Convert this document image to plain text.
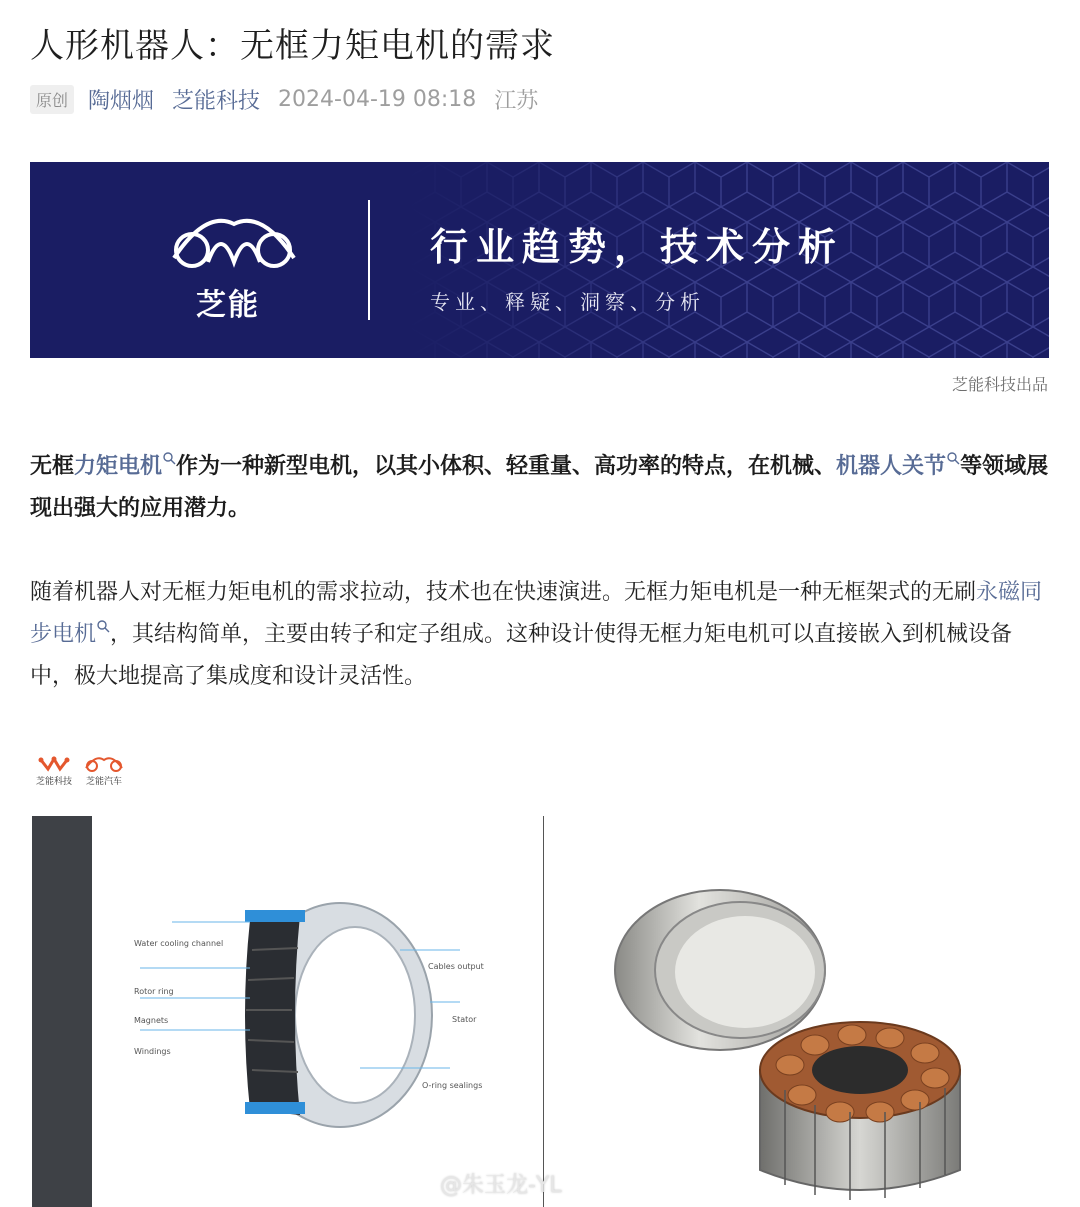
人形机器人：无框力矩电机的需求
原创 陶烟烟 芝能科技 2024-04-19 08:18 江苏
芝能
行业趋势，技术分析
专业、释疑、洞察、分析
芝能科技出品
无框力矩电机 作为一种新型电机，以其小体积、轻重量、高功率的特点，在机械、机器人关节 等领域展现出强大的应用潜力。
随着机器人对无框力矩电机的需求拉动，技术也在快速演进。无框力矩电机是一种无框架式的无刷永磁同步电机 ，其结构简单，主要由转子和定子组成。这种设计使得无框力矩电机可以直接嵌入到机械设备中，极大地提高了集成度和设计灵活性。
芝能科技 芝能汽车
Water cooling channel
Rotor ring
Magnets
Windings
Cables output
Stator
O-ring sealings
@朱玉龙-YL
